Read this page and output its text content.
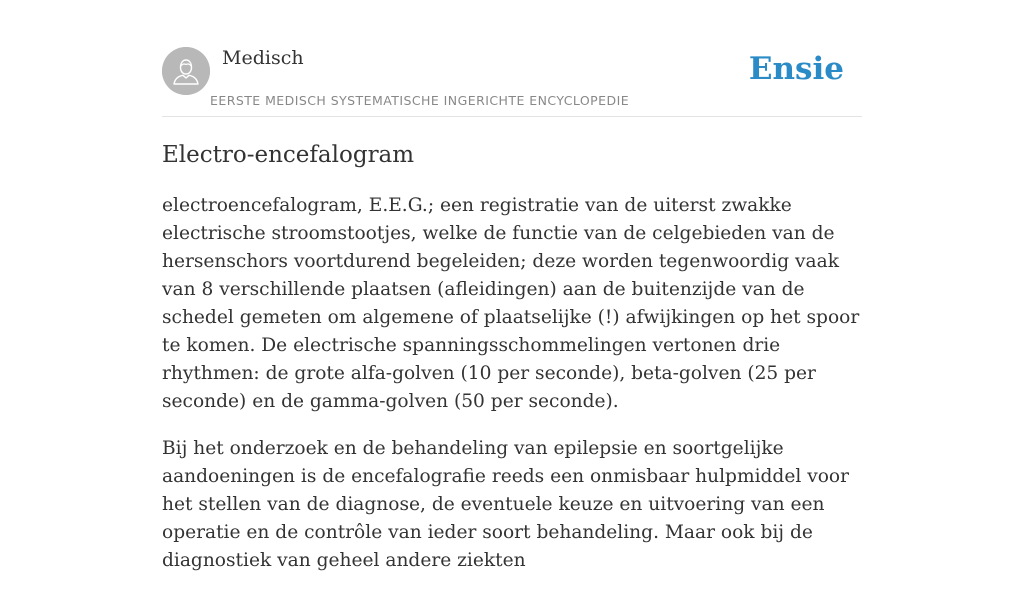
Medisch
EERSTE MEDISCH SYSTEMATISCHE INGERICHTE ENCYCLOPEDIE
Ensie
Electro-encefalogram

electroencefalogram, E.E.G.; een registratie van de uiterst zwakke electrische stroomstootjes, welke de functie van de celgebieden van de hersenschors voortdurend begeleiden; deze worden tegenwoordig vaak van 8 verschillende plaatsen (afleidingen) aan de buitenzijde van de schedel gemeten om algemene of plaatselijke (!) afwijkingen op het spoor te komen. De electrische spanningsschommelingen vertonen drie rhythmen: de grote alfa-golven (10 per seconde), beta-golven (25 per seconde) en de gamma-golven (50 per seconde).

Bij het onderzoek en de behandeling van epilepsie en soortgelijke aandoeningen is de encefalografie reeds een onmisbaar hulpmiddel voor het stellen van de diagnose, de eventuele keuze en uitvoering van een operatie en de contrôle van ieder soort behandeling. Maar ook bij de diagnostiek van geheel andere ziekten
